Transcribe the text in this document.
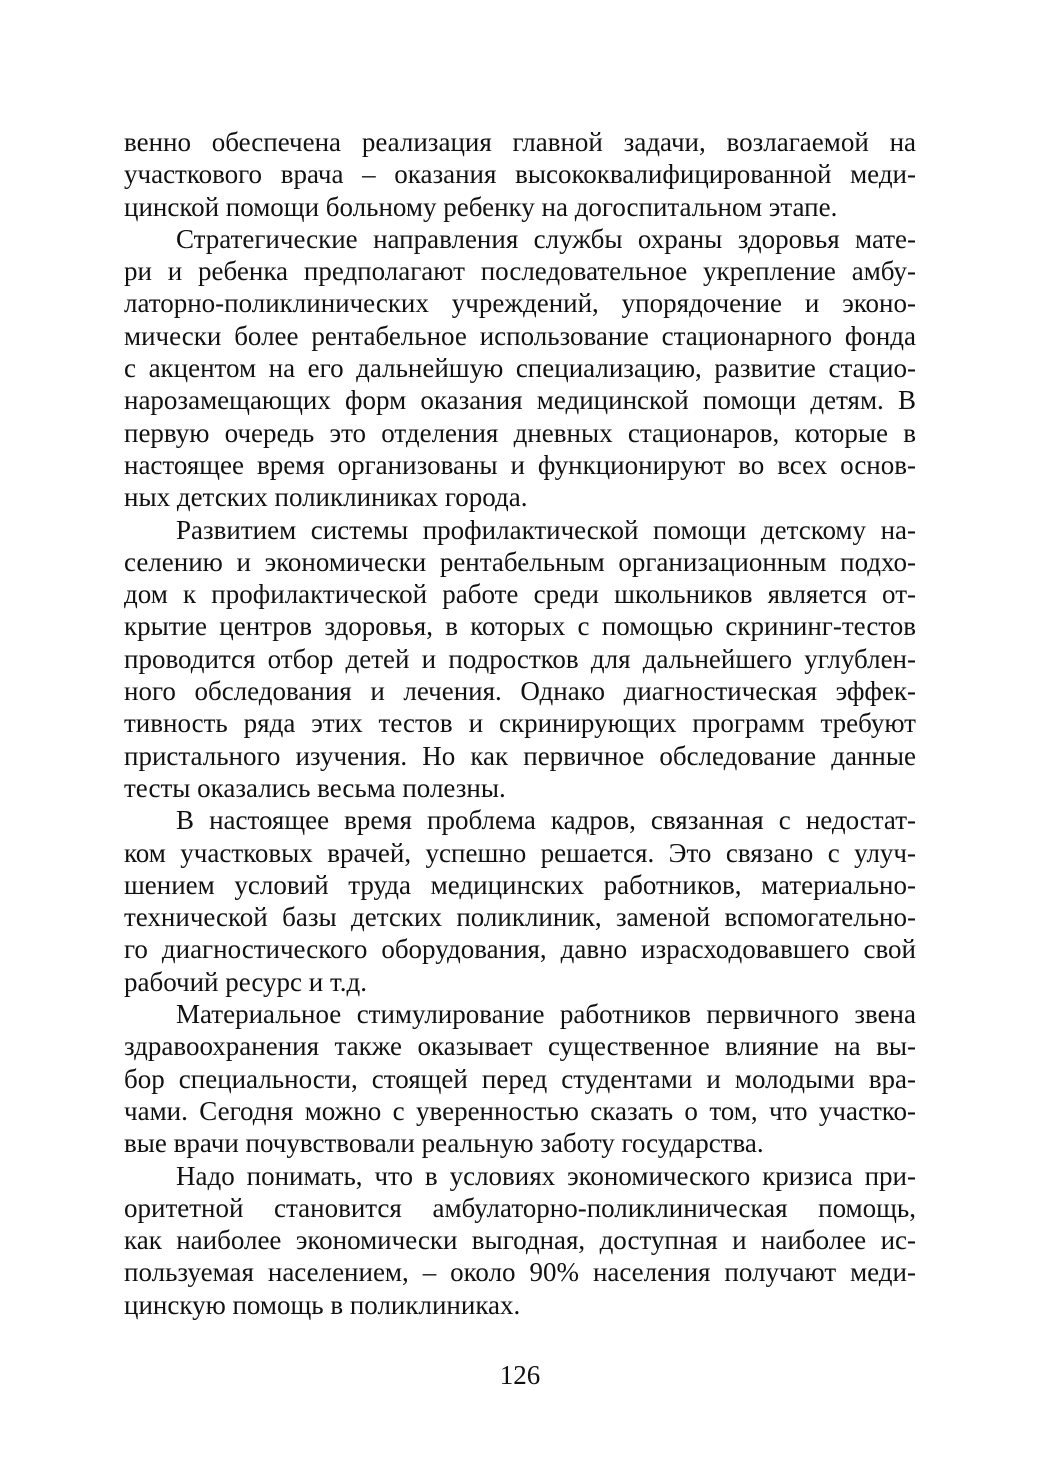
венно обеспечена реализация главной задачи, возлагаемой на
участкового врача – оказания высококвалифицированной меди-
цинской помощи больному ребенку на догоспитальном этапе.
Стратегические направления службы охраны здоровья мате-
ри и ребенка предполагают последовательное укрепление амбу-
латорно-поликлинических учреждений, упорядочение и эконо-
мически более рентабельное использование стационарного фонда
с акцентом на его дальнейшую специализацию, развитие стацио-
нарозамещающих форм оказания медицинской помощи детям. В
первую очередь это отделения дневных стационаров, которые в
настоящее время организованы и функционируют во всех основ-
ных детских поликлиниках города.
Развитием системы профилактической помощи детскому на-
селению и экономически рентабельным организационным подхо-
дом к профилактической работе среди школьников является от-
крытие центров здоровья, в которых с помощью скрининг-тестов
проводится отбор детей и подростков для дальнейшего углублен-
ного обследования и лечения. Однако диагностическая эффек-
тивность ряда этих тестов и скринирующих программ требуют
пристального изучения. Но как первичное обследование данные
тесты оказались весьма полезны.
В настоящее время проблема кадров, связанная с недостат-
ком участковых врачей, успешно решается. Это связано с улуч-
шением условий труда медицинских работников, материально-
технической базы детских поликлиник, заменой вспомогательно-
го диагностического оборудования, давно израсходовавшего свой
рабочий ресурс и т.д.
Материальное стимулирование работников первичного звена
здравоохранения также оказывает существенное влияние на вы-
бор специальности, стоящей перед студентами и молодыми вра-
чами. Сегодня можно с уверенностью сказать о том, что участко-
вые врачи почувствовали реальную заботу государства.
Надо понимать, что в условиях экономического кризиса при-
оритетной становится амбулаторно-поликлиническая помощь,
как наиболее экономически выгодная, доступная и наиболее ис-
пользуемая населением, – около 90% населения получают меди-
цинскую помощь в поликлиниках.
126
